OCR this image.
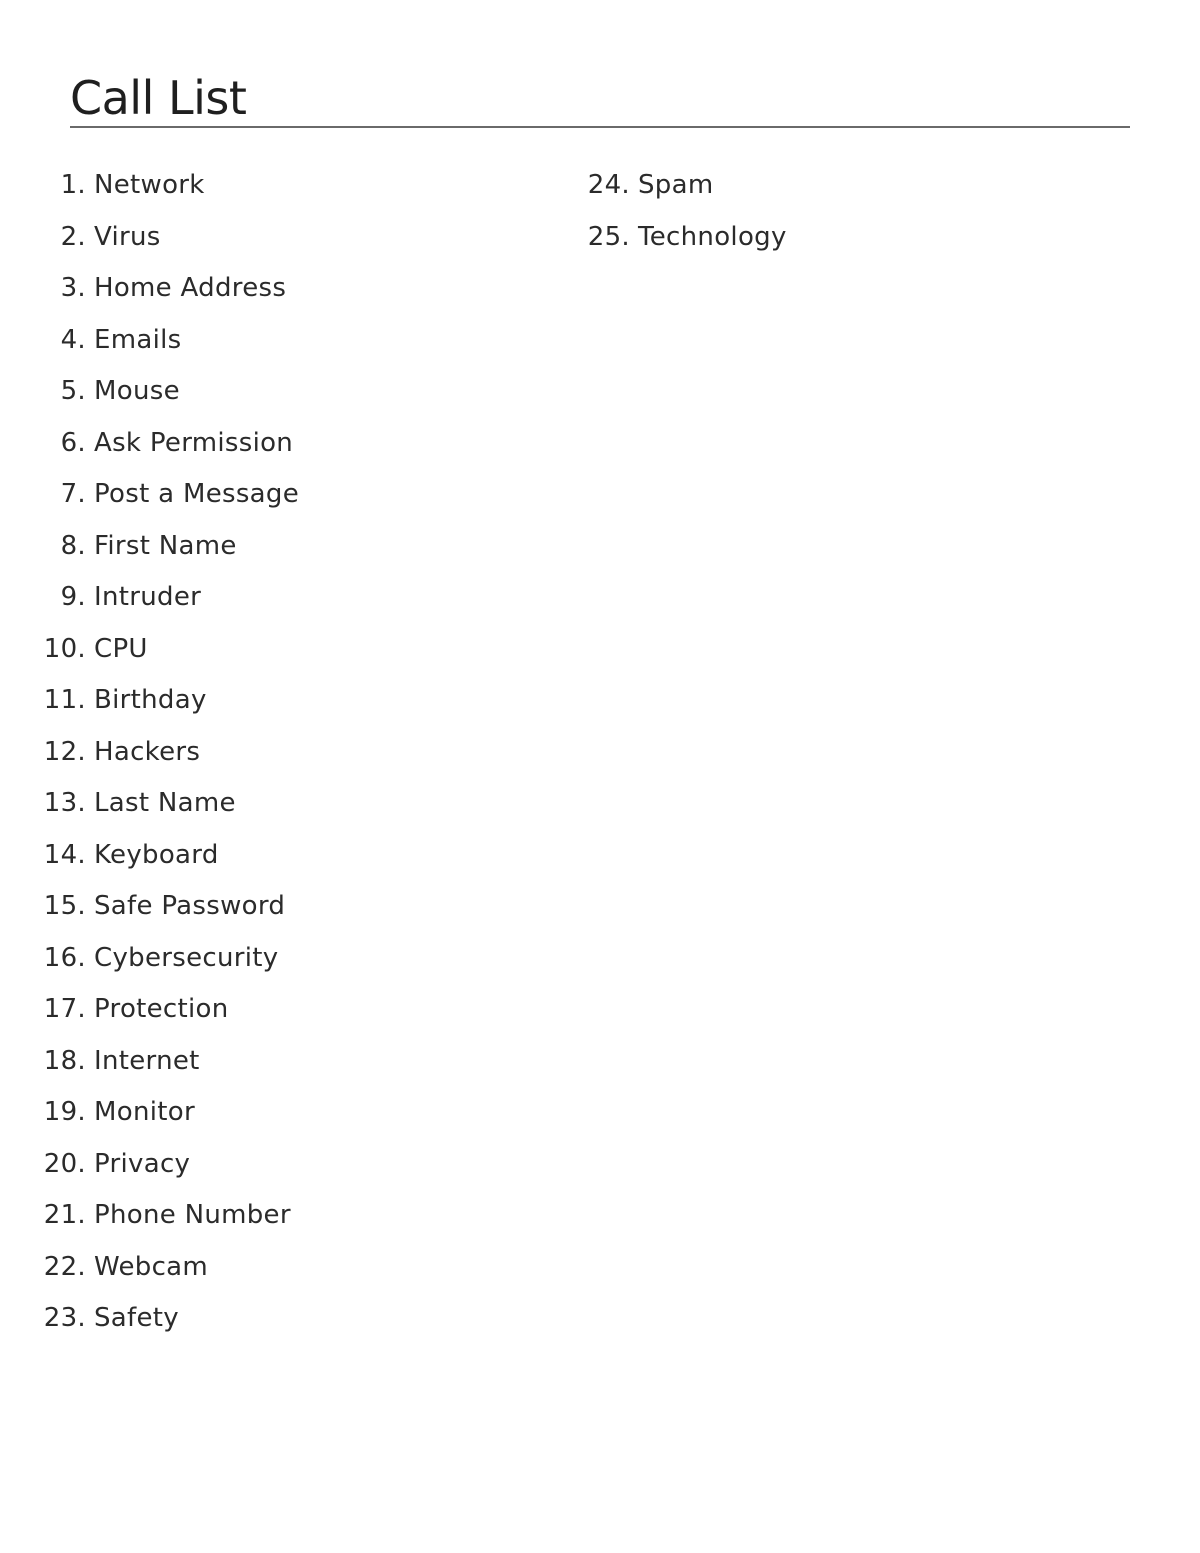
Call List
1. Network
2. Virus
3. Home Address
4. Emails
5. Mouse
6. Ask Permission
7. Post a Message
8. First Name
9. Intruder
10. CPU
11. Birthday
12. Hackers
13. Last Name
14. Keyboard
15. Safe Password
16. Cybersecurity
17. Protection
18. Internet
19. Monitor
20. Privacy
21. Phone Number
22. Webcam
23. Safety
24. Spam
25. Technology
